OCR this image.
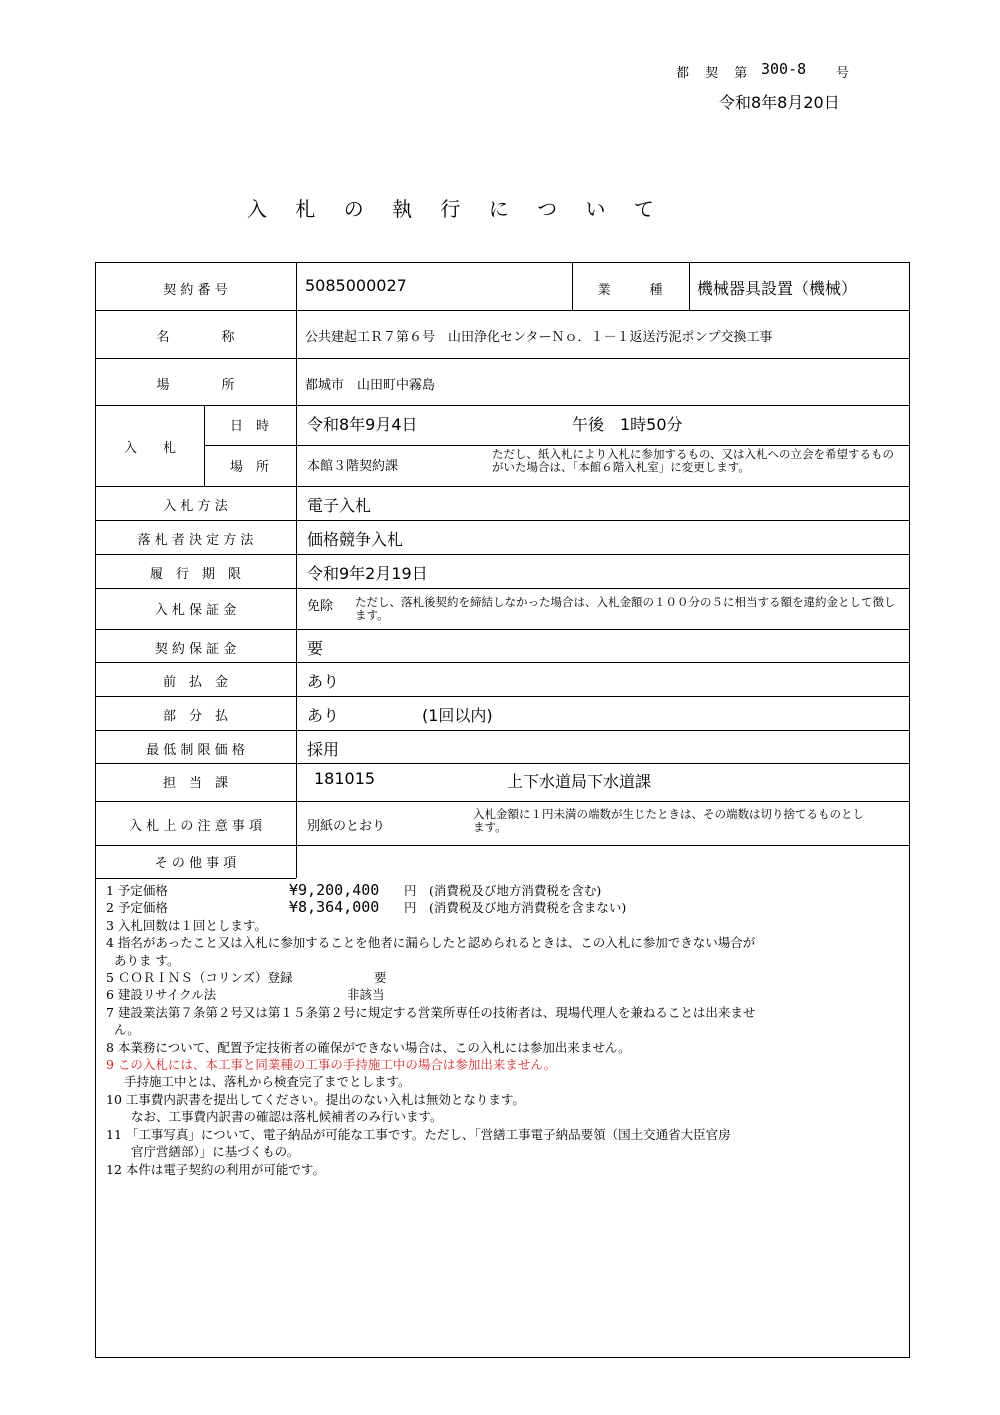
都 契 第 300-8 号
令和8年8月20日
入 札 の 執 行 に つ い て
契 約 番 号	5085000027	業　　　種	機械器具設置（機械）
名　　　　称	公共建起工Ｒ７第６号　山田浄化センターＮｏ．１－１返送汚泥ポンプ交換工事
場　　　　所	都城市　山田町中霧島
入　　札
日　時	令和8年9月4日	午後　1時50分
場　所	本館３階契約課
ただし、紙入札により入札に参加するもの、又は入札への立会を希望するものがいた場合は、「本館６階入札室」に変更します。
入 札 方 法	電子入札
落 札 者 決 定 方 法	価格競争入札
履　行　期　限	令和9年2月19日
入 札 保 証 金	免除 ただし、落札後契約を締結しなかった場合は、入札金額の１００分の５に相当する額を違約金として徴します。
契 約 保 証 金	要
前　払　金	あり
部　分　払	あり	(1回以内)
最 低 制 限 価 格	採用
担　当　課	181015	上下水道局下水道課
入 札 上 の 注 意 事 項	別紙のとおり
入札金額に１円未満の端数が生じたときは、その端数は切り捨てるものとします。
そ の 他 事 項
1 予定価格	¥9,200,400 円　(消費税及び地方消費税を含む)
2 予定価格	¥8,364,000 円　(消費税及び地方消費税を含まない)
3 入札回数は１回とします。
4 指名があったこと又は入札に参加することを他者に漏らしたと認められるときは、この入札に参加できない場合が
ありま す。
5 ＣＯＲＩＮＳ（コリンズ）登録	要
6 建設リサイクル法	非該当
7 建設業法第７条第２号又は第１５条第２号に規定する営業所専任の技術者は、現場代理人を兼ねることは出来ませ
ん。
8 本業務について、配置予定技術者の確保ができない場合は、この入札には参加出来ません。
9 この入札には、本工事と同業種の工事の手持施工中の場合は参加出来ません。
手持施工中とは、落札から検査完了までとします。
10 工事費内訳書を提出してください。提出のない入札は無効となります。
なお、工事費内訳書の確認は落札候補者のみ行います。
11 「工事写真」について、電子納品が可能な工事です。ただし、「営繕工事電子納品要領（国土交通省大臣官房
官庁営繕部）」に基づくもの。
12 本件は電子契約の利用が可能です。
